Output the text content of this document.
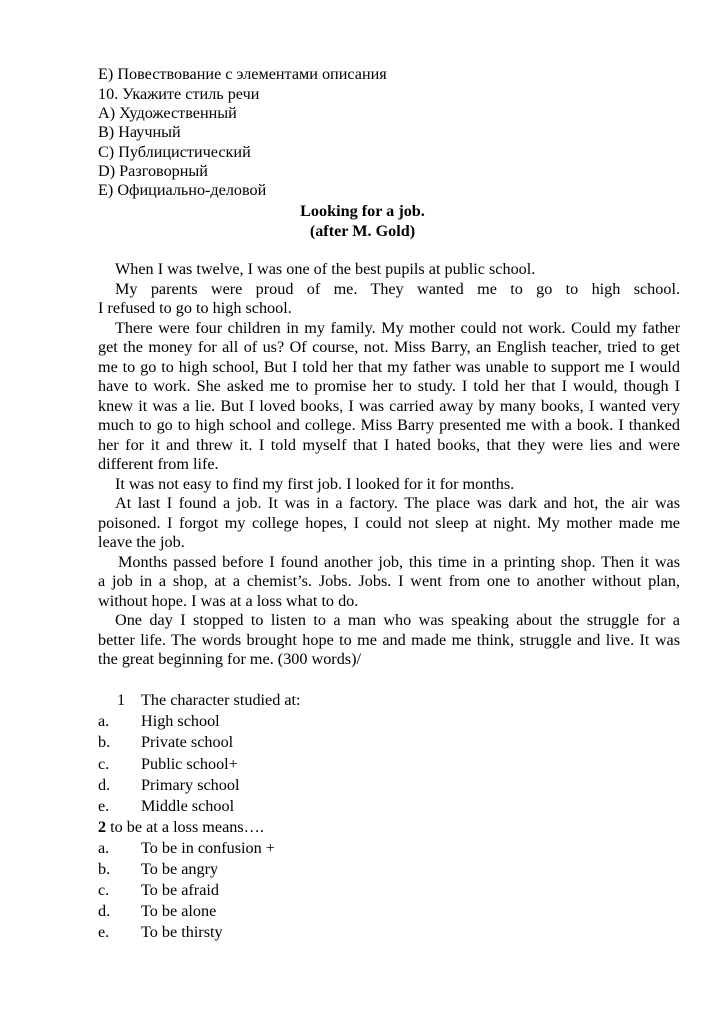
E) Повествование с элементами описания
10. Укажите стиль речи
А) Художественный
В) Научный
С) Публицистический
D) Разговорный
Е) Официально-деловой
Looking for a job.
(after M. Gold)
When I was twelve, I was one of the best pupils at public school.
My parents were proud of me. They wanted me to go to high school.
I refused to go to high school.
There were four children in my family. My mother could not work. Could my father
get the money for all of us? Of course, not. Miss Barry, an English teacher, tried to get
me to go to high school, But I told her that my father was unable to support me I would
have to work. She asked me to promise her to study. I told her that I would, though I
knew it was a lie. But I loved books, I was carried away by many books, I wanted very
much to go to high school and college. Miss Barry presented me with a book. I thanked
her for it and threw it. I told myself that I hated books, that they were lies and were
different from life.
It was not easy to find my first job. I looked for it for months.
At last I found a job. It was in a factory. The place was dark and hot, the air was
poisoned. I forgot my college hopes, I could not sleep at night. My mother made me
leave the job.
Months passed before I found another job, this time in a printing shop. Then it was
a job in a shop, at a chemist’s. Jobs. Jobs. I went from one to another without plan,
without hope. I was at a loss what to do.
One day I stopped to listen to a man who was speaking about the struggle for a
better life. The words brought hope to me and made me think, struggle and live. It was
the great beginning for me. (300 words)/
1 The character studied at:
a. High school
b. Private school
c. Public school+
d. Primary school
e. Middle school
2 to be at a loss means….
a. To be in confusion +
b. To be angry
c. To be afraid
d. To be alone
e. To be thirsty
